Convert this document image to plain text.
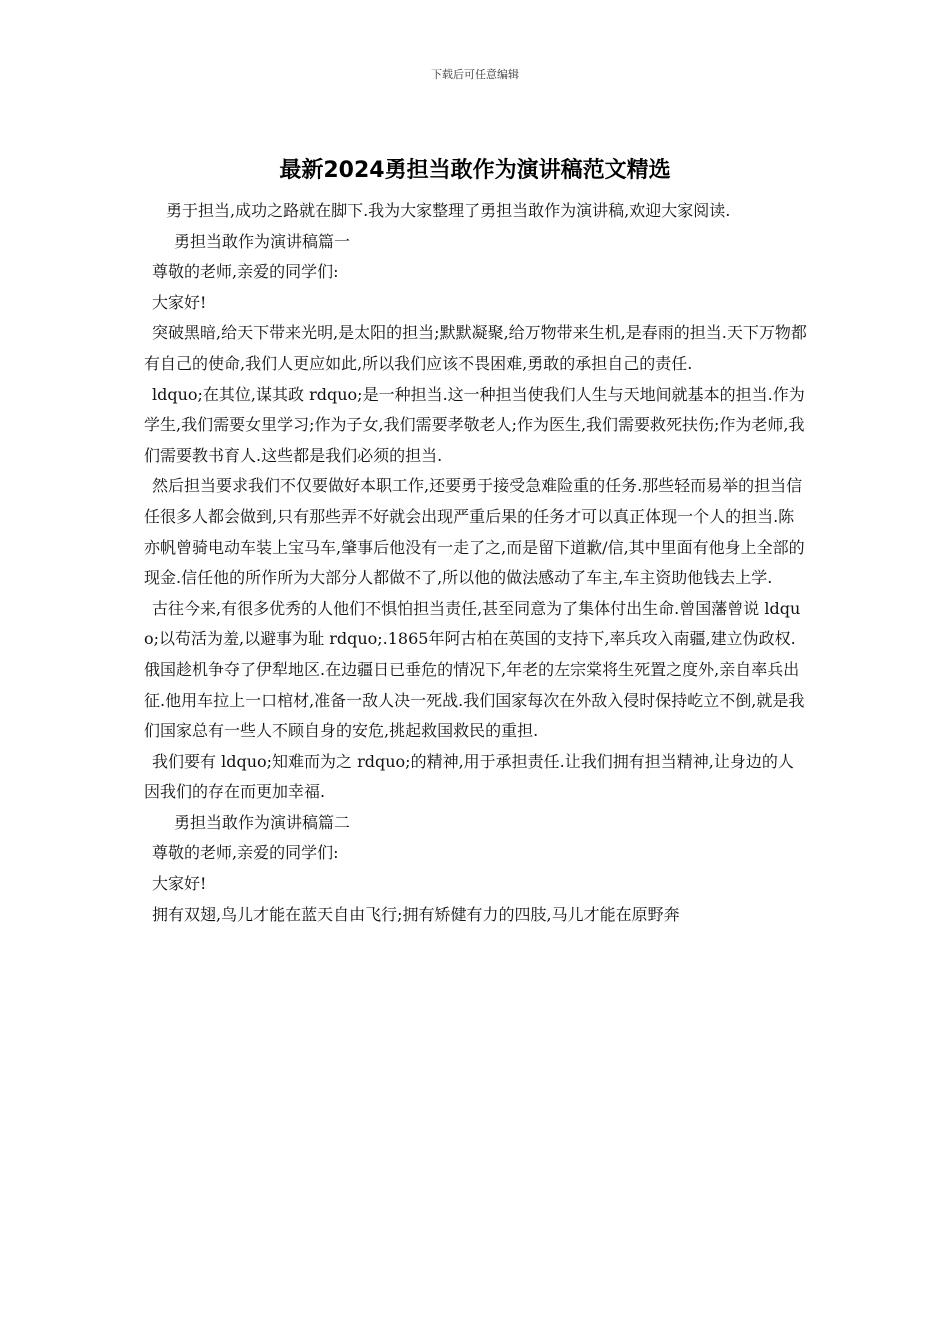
下载后可任意编辑
最新2024勇担当敢作为演讲稿范文精选

勇于担当,成功之路就在脚下.我为大家整理了勇担当敢作为演讲稿,欢迎大家阅读.

勇担当敢作为演讲稿篇一

尊敬的老师,亲爱的同学们:

大家好!

突破黑暗,给天下带来光明,是太阳的担当;默默凝聚,给万物带来生机,是春雨的担当.天下万物都有自己的使命,我们人更应如此,所以我们应该不畏困难,勇敢的承担自己的责任.

ldquo;在其位,谋其政 rdquo;是一种担当.这一种担当使我们人生与天地间就基本的担当.作为学生,我们需要女里学习;作为子女,我们需要孝敬老人;作为医生,我们需要救死扶伤;作为老师,我们需要教书育人.这些都是我们必须的担当.

然后担当要求我们不仅要做好本职工作,还要勇于接受急难险重的任务.那些轻而易举的担当信任很多人都会做到,只有那些弄不好就会出现严重后果的任务才可以真正体现一个人的担当.陈亦帆曾骑电动车装上宝马车,肇事后他没有一走了之,而是留下道歉/信,其中里面有他身上全部的现金.信任他的所作所为大部分人都做不了,所以他的做法感动了车主,车主资助他钱去上学.

古往今来,有很多优秀的人他们不惧怕担当责任,甚至同意为了集体付出生命.曾国藩曾说 ldquo;以苟活为羞,以避事为耻 rdquo;.1865年阿古柏在英国的支持下,率兵攻入南疆,建立伪政权.俄国趁机争夺了伊犁地区.在边疆日已垂危的情况下,年老的左宗棠将生死置之度外,亲自率兵出征.他用车拉上一口棺材,准备一敌人决一死战.我们国家每次在外敌入侵时保持屹立不倒,就是我们国家总有一些人不顾自身的安危,挑起救国救民的重担.

我们要有 ldquo;知难而为之 rdquo;的精神,用于承担责任.让我们拥有担当精神,让身边的人因我们的存在而更加幸福.

勇担当敢作为演讲稿篇二

尊敬的老师,亲爱的同学们:

大家好!

拥有双翅,鸟儿才能在蓝天自由飞行;拥有矫健有力的四肢,马儿才能在原野奔
